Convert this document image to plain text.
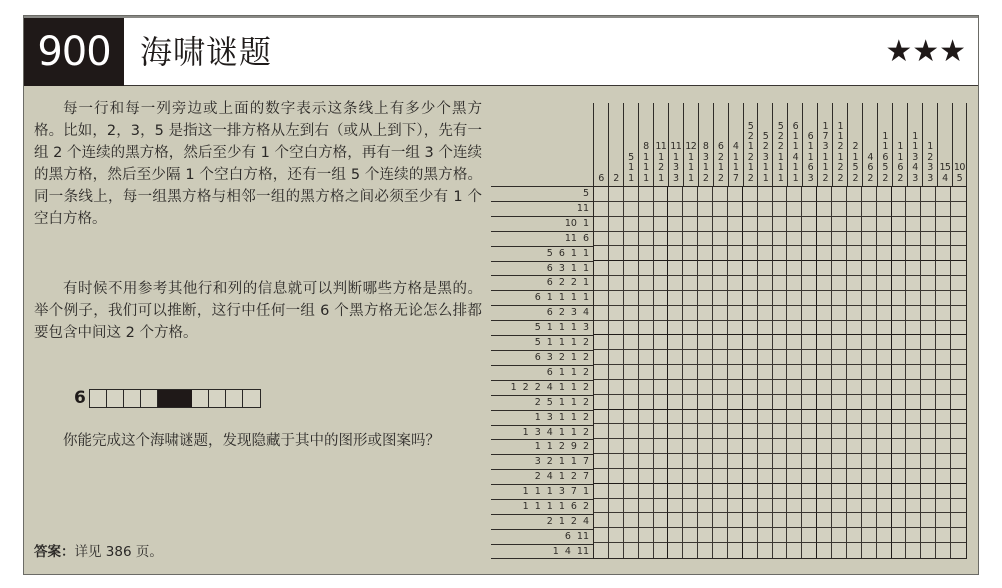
900 海啸谜题	★★★

每一行和每一列旁边或上面的数字表示这条线上有多少个黑方格。比如，2，3，5 是指这一排方格从左到右（或从上到下），先有一组 2 个连续的黑方格，然后至少有 1 个空白方格，再有一组 3 个连续的黑方格，然后至少隔 1 个空白方格，还有一组 5 个连续的黑方格。同一条线上，每一组黑方格与相邻一组的黑方格之间必须至少有 1 个空白方格。

有时候不用参考其他行和列的信息就可以判断哪些方格是黑的。举个例子，我们可以推断，这行中任何一组 6 个黑方格无论怎么排都要包含中间这 2 个方格。

你能完成这个海啸谜题，发现隐藏于其中的图形或图案吗？

6
答案：详见 386 页。
6 2
5
1
1
8
1
1
1
11
1
2
1
11
1
3
3
12
1
1
1
8
3
1
2
6
2
1
2
4
1
1
7
5
2
1
2
1
2
5
2
3
1
1
5
2
2
1
1
1
6
1
1
4
1
1
6
1
1
6
3
1
7
3
1
1
2
1
1
2
1
2
2
2
1
5
2
4
6
2
1
1
6
5
2
1
1
6
2
1
1
3
4
3
1
2
3
3
15
4
10
5
5
11
10 1
11 6
5 6 1 1
6 3 1 1
6 2 2 1
6 1 1 1 1
6 2 3 4
5 1 1 1 3
5 1 1 1 2
6 3 2 1 2
6 1 1 2
1 2 2 4 1 1 2
2 5 1 1 2
1 3 1 1 2
1 3 4 1 1 2
1 1 2 9 2
3 2 1 1 7
2 4 1 2 7
1 1 1 3 7 1
1 1 1 1 6 2
2 1 2 4
6 11
1 4 11
